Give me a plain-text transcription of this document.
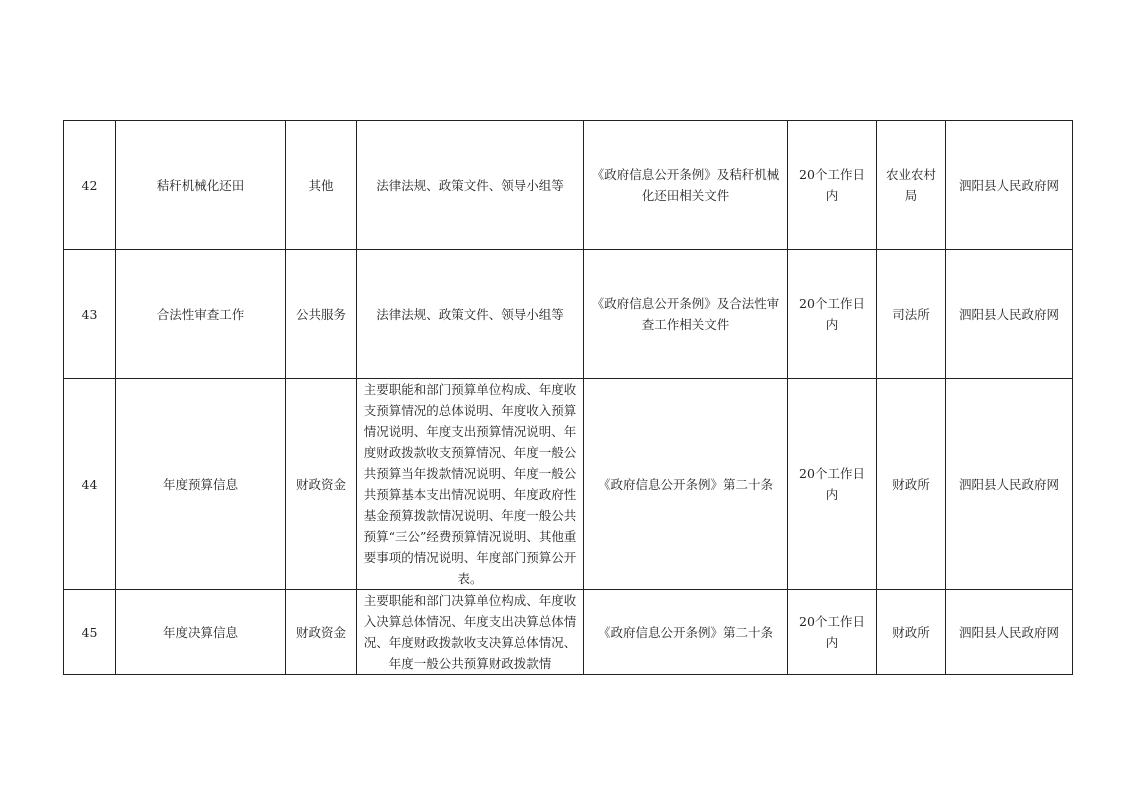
42	秸秆机械化还田	其他	法律法规、政策文件、领导小组等	《政府信息公开条例》及秸秆机械化还田相关文件	20个工作日内	农业农村局	泗阳县人民政府网
43	合法性审查工作	公共服务	法律法规、政策文件、领导小组等	《政府信息公开条例》及合法性审查工作相关文件	20个工作日内	司法所	泗阳县人民政府网
44	年度预算信息	财政资金	主要职能和部门预算单位构成、年度收支预算情况的总体说明、年度收入预算情况说明、年度支出预算情况说明、年度财政拨款收支预算情况、年度一般公共预算当年拨款情况说明、年度一般公共预算基本支出情况说明、年度政府性基金预算拨款情况说明、年度一般公共预算“三公”经费预算情况说明、其他重要事项的情况说明、年度部门预算公开表。	《政府信息公开条例》第二十条	20个工作日内	财政所	泗阳县人民政府网
45	年度决算信息	财政资金	主要职能和部门决算单位构成、年度收入决算总体情况、年度支出决算总体情况、年度财政拨款收支决算总体情况、年度一般公共预算财政拨款情	《政府信息公开条例》第二十条	20个工作日内	财政所	泗阳县人民政府网
